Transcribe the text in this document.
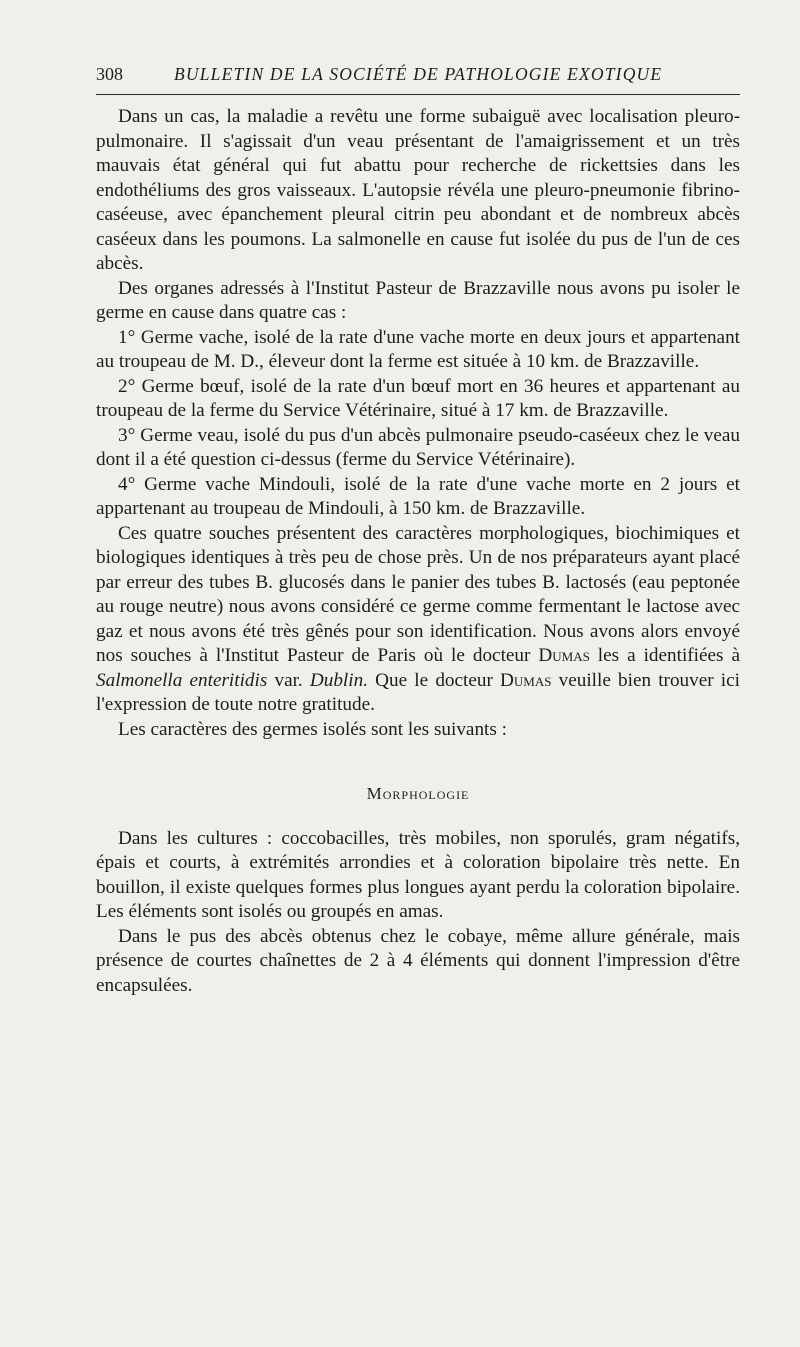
308	BULLETIN DE LA SOCIÉTÉ DE PATHOLOGIE EXOTIQUE

Dans un cas, la maladie a revêtu une forme subaiguë avec localisation pleuro-pulmonaire. Il s'agissait d'un veau présentant de l'amaigrissement et un très mauvais état général qui fut abattu pour recherche de rickettsies dans les endothéliums des gros vaisseaux. L'autopsie révéla une pleuro-pneumonie fibrino-caséeuse, avec épanchement pleural citrin peu abondant et de nombreux abcès caséeux dans les poumons. La salmonelle en cause fut isolée du pus de l'un de ces abcès.

Des organes adressés à l'Institut Pasteur de Brazzaville nous avons pu isoler le germe en cause dans quatre cas :

1° Germe vache, isolé de la rate d'une vache morte en deux jours et appartenant au troupeau de M. D., éleveur dont la ferme est située à 10 km. de Brazzaville.

2° Germe bœuf, isolé de la rate d'un bœuf mort en 36 heures et appartenant au troupeau de la ferme du Service Vétérinaire, situé à 17 km. de Brazzaville.

3° Germe veau, isolé du pus d'un abcès pulmonaire pseudo-caséeux chez le veau dont il a été question ci-dessus (ferme du Service Vétérinaire).

4° Germe vache Mindouli, isolé de la rate d'une vache morte en 2 jours et appartenant au troupeau de Mindouli, à 150 km. de Brazzaville.

Ces quatre souches présentent des caractères morphologiques, biochimiques et biologiques identiques à très peu de chose près. Un de nos préparateurs ayant placé par erreur des tubes B. glucosés dans le panier des tubes B. lactosés (eau peptonée au rouge neutre) nous avons considéré ce germe comme fermentant le lactose avec gaz et nous avons été très gênés pour son identification. Nous avons alors envoyé nos souches à l'Institut Pasteur de Paris où le docteur Dumas les a identifiées à Salmonella enteritidis var. Dublin. Que le docteur Dumas veuille bien trouver ici l'expression de toute notre gratitude.

Les caractères des germes isolés sont les suivants :

Morphologie

Dans les cultures : coccobacilles, très mobiles, non sporulés, gram négatifs, épais et courts, à extrémités arrondies et à coloration bipolaire très nette. En bouillon, il existe quelques formes plus longues ayant perdu la coloration bipolaire. Les éléments sont isolés ou groupés en amas.

Dans le pus des abcès obtenus chez le cobaye, même allure générale, mais présence de courtes chaînettes de 2 à 4 éléments qui donnent l'impression d'être encapsulées.
